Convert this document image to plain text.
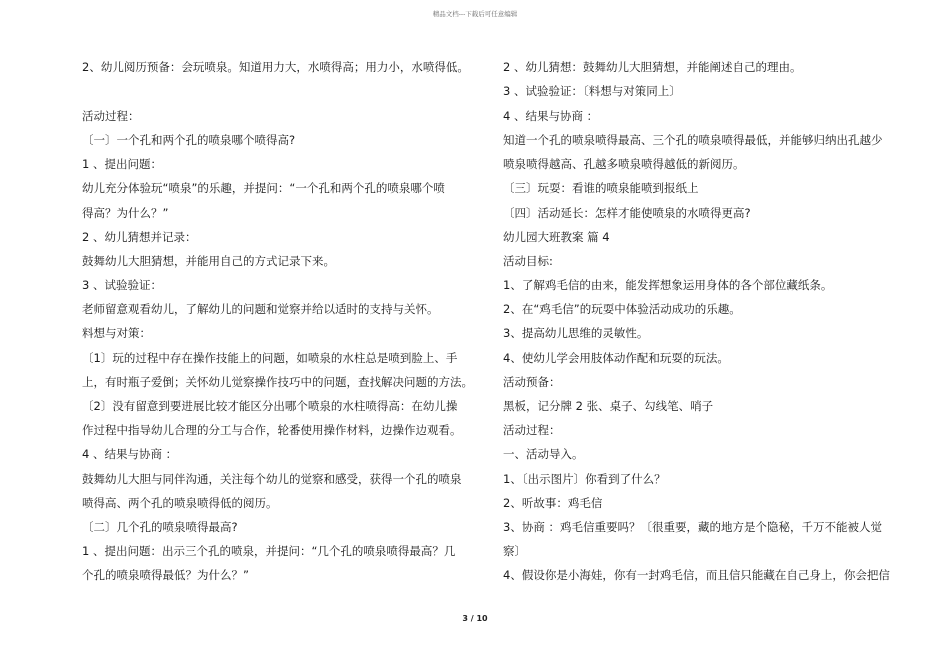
精品文档---下载后可任意编辑
2、幼儿阅历预备：会玩喷泉。知道用力大，水喷得高；用力小，水喷得低。
活动过程：
〔一〕一个孔和两个孔的喷泉哪个喷得高?
1 、提出问题：
幼儿充分体验玩“喷泉”的乐趣，并提问：“一个孔和两个孔的喷泉哪个喷
得高？为什么？”
2 、幼儿猜想并记录：
鼓舞幼儿大胆猜想，并能用自己的方式记录下来。
3 、试验验证：
老师留意观看幼儿，了解幼儿的问题和觉察并给以适时的支持与关怀。
料想与对策：
〔1〕玩的过程中存在操作技能上的问题，如喷泉的水柱总是喷到脸上、手
上，有时瓶子爱倒；关怀幼儿觉察操作技巧中的问题，查找解决问题的方法。
〔2〕没有留意到要进展比较才能区分出哪个喷泉的水柱喷得高：在幼儿操
作过程中指导幼儿合理的分工与合作，轮番使用操作材料，边操作边观看。
4 、结果与协商 ：
鼓舞幼儿大胆与同伴沟通，关注每个幼儿的觉察和感受，获得一个孔的喷泉
喷得高、两个孔的喷泉喷得低的阅历。
〔二〕几个孔的喷泉喷得最高?
1 、提出问题：出示三个孔的喷泉，并提问：“几个孔的喷泉喷得最高？几
个孔的喷泉喷得最低？为什么？”
2 、幼儿猜想：鼓舞幼儿大胆猜想，并能阐述自己的理由。
3 、试验验证：〔料想与对策同上〕
4 、结果与协商 ：
知道一个孔的喷泉喷得最高、三个孔的喷泉喷得最低，并能够归纳出孔越少
喷泉喷得越高、孔越多喷泉喷得越低的新阅历。
〔三〕玩耍：看谁的喷泉能喷到报纸上
〔四〕活动延长：怎样才能使喷泉的水喷得更高?
幼儿园大班教案 篇 4
活动目标:
1、了解鸡毛信的由来，能发挥想象运用身体的各个部位藏纸条。
2、在“鸡毛信”的玩耍中体验活动成功的乐趣。
3、提高幼儿思维的灵敏性。
4、使幼儿学会用肢体动作配和玩耍的玩法。
活动预备：
黑板，记分牌 2 张、桌子、勾线笔、哨子
活动过程：
一、活动导入。
1、〔出示图片〕你看到了什么？
2、听故事：鸡毛信
3、协商 ：鸡毛信重要吗？〔很重要，藏的地方是个隐秘，千万不能被人觉
察〕
4、假设你是小海娃，你有一封鸡毛信，而且信只能藏在自己身上，你会把信
3 / 10
